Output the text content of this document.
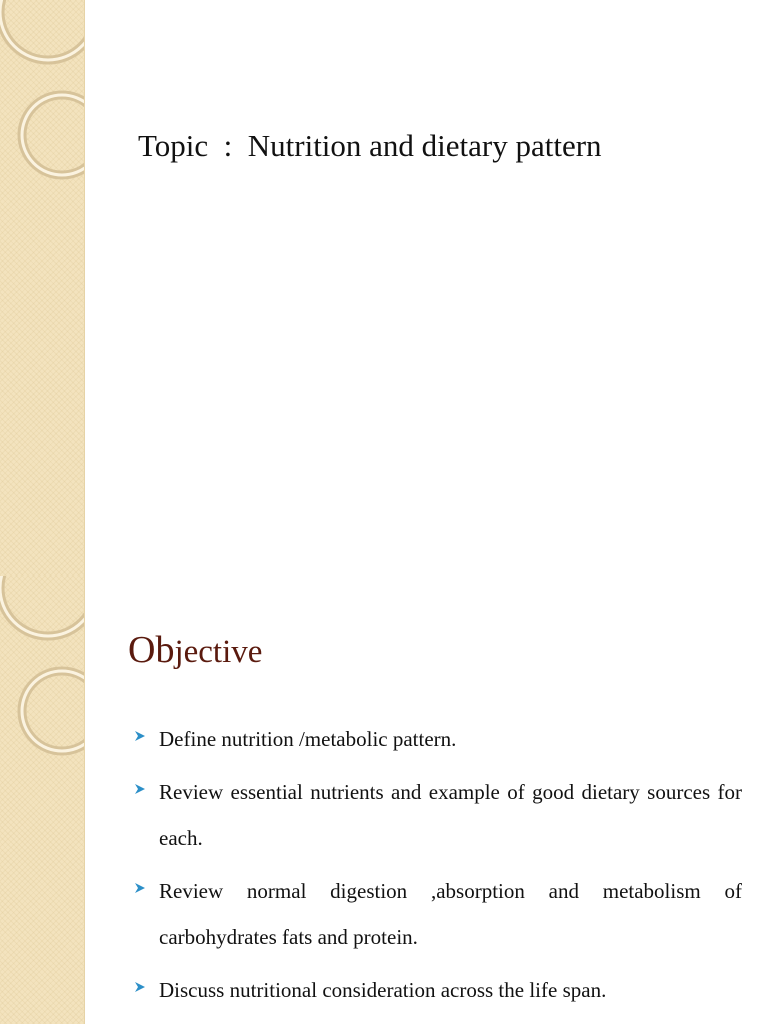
Topic  :  Nutrition and dietary pattern
Objective
Define nutrition /metabolic pattern.
Review essential nutrients and example of good dietary sources for each.
Review normal digestion ,absorption and metabolism of carbohydrates fats and protein.
Discuss nutritional consideration across the life span.
